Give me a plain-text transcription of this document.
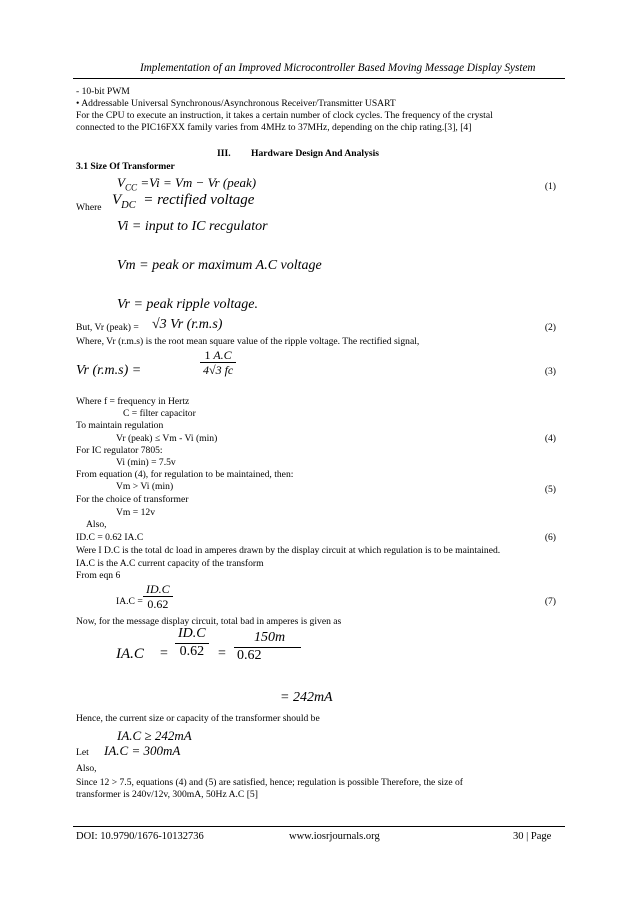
Implementation of an Improved Microcontroller Based Moving Message Display System
- 10-bit PWM
• Addressable Universal Synchronous/Asynchronous Receiver/Transmitter USART
For the CPU to execute an instruction, it takes a certain number of clock cycles. The frequency of the crystal
connected to the PIC16FXX family varies from 4MHz to 37MHz, depending on the chip rating.[3], [4]
III. Hardware Design And Analysis
3.1 Size Of Transformer
$V_{CC} =Vi = Vm - Vr$ (peak)	(1)
Where $V_{DC}$ = rectified voltage
Vi = input to IC recgulator
Vm = peak or maximum A.C voltage
Vr = peak ripple voltage.
But, Vr (peak) = √3 Vr (r.m.s)	(2)
Where, Vr (r.m.s) is the root mean square value of the ripple voltage. The rectified signal,
Vr (r.m.s) =	$\frac{1 A.C}{4√3 fc}$	(3)
Where f = frequency in Hertz
C = filter capacitor
To maintain regulation
Vr (peak) ≤ Vm - Vi (min)	(4)
For IC regulator 7805:
Vi (min) = 7.5v
From equation (4), for regulation to be maintained, then:
Vm > Vi (min)	(5)
For the choice of transformer
Vm = 12v
Also,
ID.C = 0.62 IA.C	(6)
Were I D.C is the total dc load in amperes drawn by the display circuit at which regulation is to be maintained.
IA.C is the A.C current capacity of the transform
From eqn 6
$IA.C = \frac{ID.C}{0.62}$	(7)
Now, for the message display circuit, total bad in amperes is given as
$IA.C = \frac{ID.C}{0.62} = \frac{150m}{0.62}$
= 242mA
Hence, the current size or capacity of the transformer should be
IA.C ≥ 242mA
Let IA.C = 300mA
Also,
Since 12 > 7.5, equations (4) and (5) are satisfied, hence; regulation is possible Therefore, the size of
transformer is 240v/12v, 300mA, 50Hz A.C [5]
DOI: 10.9790/1676-10132736	www.iosrjournals.org	30 | Page
